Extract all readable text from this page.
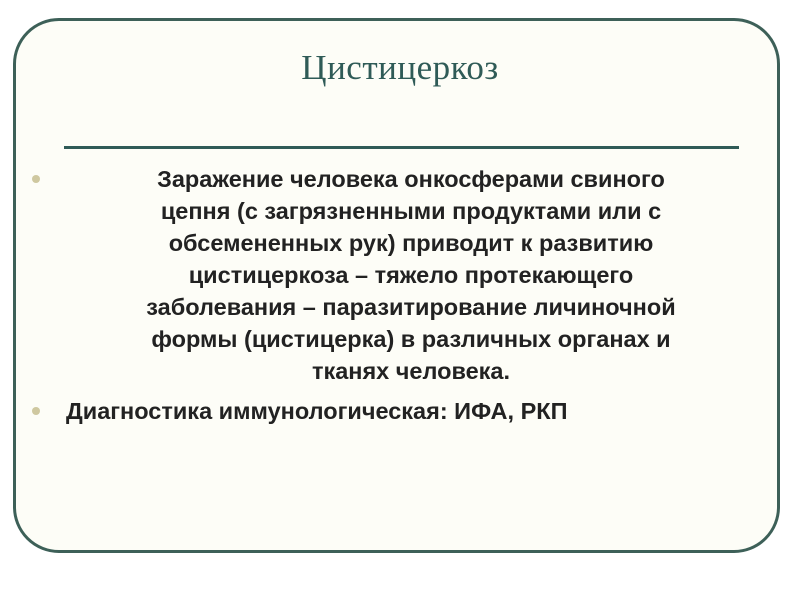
Цистицеркоз
Заражение человека онкосферами свиного
цепня (с загрязненными продуктами или с
обсемененных рук) приводит к развитию
цистицеркоза – тяжело протекающего
заболевания – паразитирование личиночной
формы (цистицерка) в различных органах и
тканях человека.
Диагностика иммунологическая: ИФА, РКП
